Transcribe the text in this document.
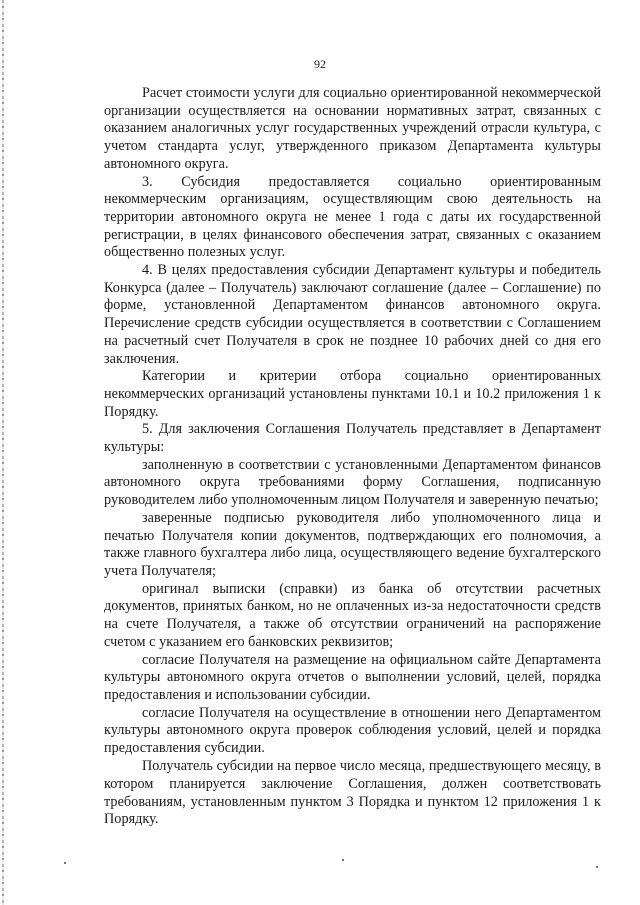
92

Расчет стоимости услуги для социально ориентированной некоммерческой организации осуществляется на основании нормативных затрат, связанных с оказанием аналогичных услуг государственных учреждений отрасли культура, с учетом стандарта услуг, утвержденного приказом Департамента культуры автономного округа.

3. Субсидия предоставляется социально ориентированным некоммерческим организациям, осуществляющим свою деятельность на территории автономного округа не менее 1 года с даты их государственной регистрации, в целях финансового обеспечения затрат, связанных с оказанием общественно полезных услуг.

4. В целях предоставления субсидии Департамент культуры и победитель Конкурса (далее – Получатель) заключают соглашение (далее – Соглашение) по форме, установленной Департаментом финансов автономного округа. Перечисление средств субсидии осуществляется в соответствии с Соглашением на расчетный счет Получателя в срок не позднее 10 рабочих дней со дня его заключения.

Категории и критерии отбора социально ориентированных некоммерческих организаций установлены пунктами 10.1 и 10.2 приложения 1 к Порядку.

5. Для заключения Соглашения Получатель представляет в Департамент культуры:

заполненную в соответствии с установленными Департаментом финансов автономного округа требованиями форму Соглашения, подписанную руководителем либо уполномоченным лицом Получателя и заверенную печатью;

заверенные подписью руководителя либо уполномоченного лица и печатью Получателя копии документов, подтверждающих его полномочия, а также главного бухгалтера либо лица, осуществляющего ведение бухгалтерского учета Получателя;

оригинал выписки (справки) из банка об отсутствии расчетных документов, принятых банком, но не оплаченных из-за недостаточности средств на счете Получателя, а также об отсутствии ограничений на распоряжение счетом с указанием его банковских реквизитов;

согласие Получателя на размещение на официальном сайте Департамента культуры автономного округа отчетов о выполнении условий, целей, порядка предоставления и использовании субсидии.

согласие Получателя на осуществление в отношении него Департаментом культуры автономного округа проверок соблюдения условий, целей и порядка предоставления субсидии.

Получатель субсидии на первое число месяца, предшествующего месяцу, в котором планируется заключение Соглашения, должен соответствовать требованиям, установленным пунктом 3 Порядка и пунктом 12 приложения 1 к Порядку.
